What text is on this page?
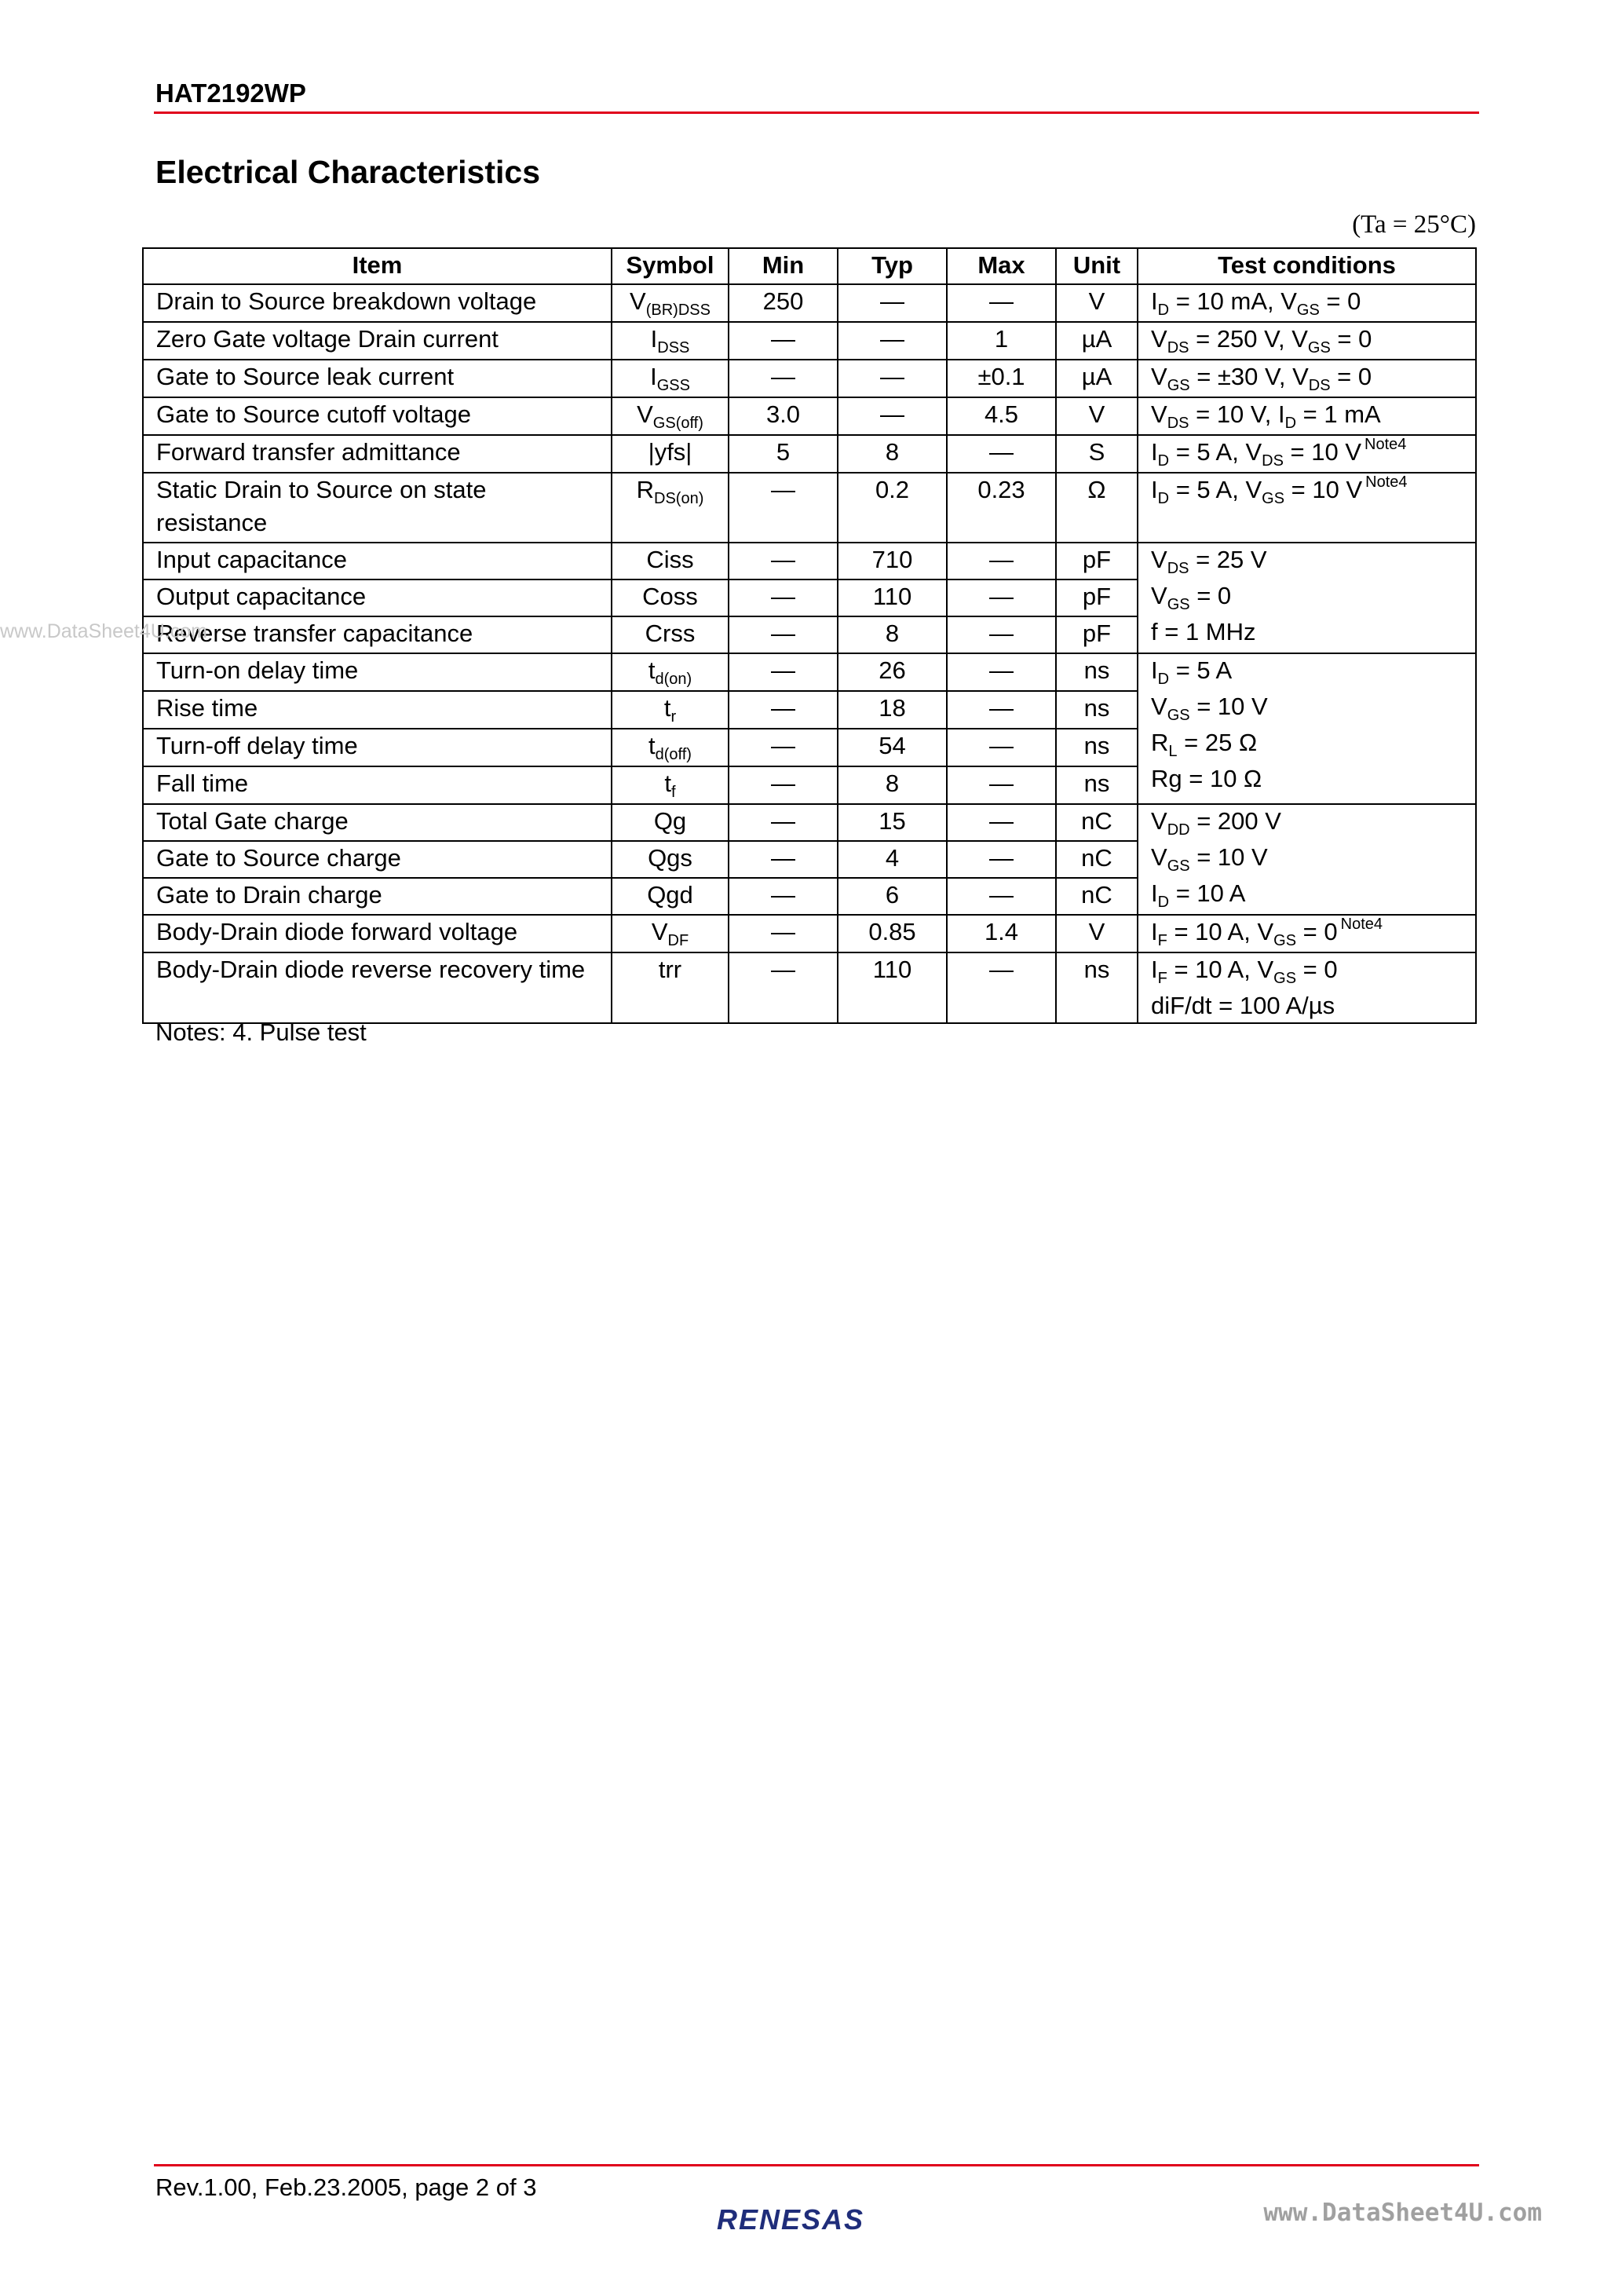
HAT2192WP
Electrical Characteristics
(Ta = 25°C)
Item	Symbol	Min	Typ	Max	Unit	Test conditions
Drain to Source breakdown voltage	$V_{(BR)DSS}$	250	—	—	V	$I_D = 10$ mA, $V_{GS} = 0$
Zero Gate voltage Drain current	$I_{DSS}$	—	—	1	µA	$V_{DS} = 250$ V, $V_{GS} = 0$
Gate to Source leak current	$I_{GSS}$	—	—	±0.1	µA	$V_{GS} = \pm 30$ V, $V_{DS} = 0$
Gate to Source cutoff voltage	$V_{GS(off)}$	3.0	—	4.5	V	$V_{DS} = 10$ V, $I_D = 1$ mA
Forward transfer admittance	|yfs|	5	8	—	S	$I_D = 5$ A, $V_{DS} = 10$ V $^{Note4}$

Static Drain to Source on state
resistance	$R_{DS(on)}$	—	0.2	0.23	Ω	$I_D = 5$ A, $V_{GS} = 10$ V $^{Note4}$
Input capacitance	Ciss	—	710	—	pF	$V_{DS} = 25$ V
$V_{GS} = 0$
f = 1 MHz

Output capacitance	Coss	—	110	—	pF	
Reverse transfer capacitance	Crss	—	8	—	pF	
Turn-on delay time	$t_{d(on)}$	—	26	—	ns	$I_D = 5$ A
$V_{GS} = 10$ V
$R_L = 25$ Ω
Rg = 10 Ω

Rise time	$t_r$	—	18	—	ns	
Turn-off delay time	$t_{d(off)}$	—	54	—	ns	
Fall time	$t_f$	—	8	—	ns	
Total Gate charge	Qg	—	15	—	nC	$V_{DD} = 200$ V
$V_{GS} = 10$ V
$I_D = 10$ A

Gate to Source charge	Qgs	—	4	—	nC	
Gate to Drain charge	Qgd	—	6	—	nC	
Body-Drain diode forward voltage	$V_{DF}$	—	0.85	1.4	V	$I_F = 10$ A, $V_{GS} = 0$ $^{Note4}$
Body-Drain diode reverse recovery time	trr	—	110	—	ns	$I_F = 10$ A, $V_{GS} = 0$
diF/dt = 100 A/µs
Notes: 4. Pulse test
www.DataSheet4U.com
Rev.1.00, Feb.23.2005, page 2 of 3
RENESAS	www.DataSheet4U.com
